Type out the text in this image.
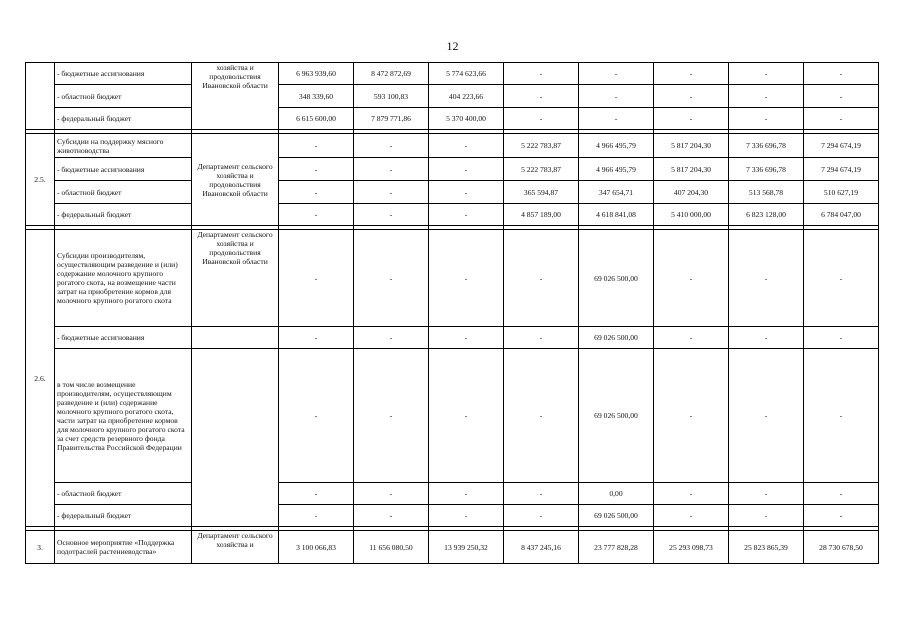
12
	- бюджетные ассигнования	хозяйства и продовольствия Ивановской области	6 963 939,60	8 472 872,69	5 774 623,66	-	-	-	-	-
	- областной бюджет		348 339,60	593 100,83	404 223,66	-	-	-	-	-
	- федеральный бюджет		6 615 600,00	7 879 771,86	5 370 400,00	-	-	-	-	-

2.5.	Субсидии на поддержку мясного животноводства	Департамент сельского хозяйства и продовольствия Ивановской области	-	-	-	5 222 783,87	4 966 495,79	5 817 204,30	7 336 696,78	7 294 674,19
	- бюджетные ассигнования		-	-	-	5 222 783,87	4 966 495,79	5 817 204,30	7 336 696,78	7 294 674,19
	- областной бюджет		-	-	-	365 594,87	347 654,71	407 204,30	513 568,78	510 627,19
	- федеральный бюджет		-	-	-	4 857 189,00	4 618 841,08	5 410 000,00	6 823 128,00	6 784 047,00

2.6.	Субсидии производителям, осуществляющим разведение и (или) содержание молочного крупного рогатого скота, на возмещение части затрат на приобретение кормов для молочного крупного рогатого скота	Департамент сельского хозяйства и продовольствия Ивановской области	-	-	-	-	69 026 500,00	-	-	-
	- бюджетные ассигнования		-	-	-	-	69 026 500,00	-	-	-
	в том числе возмещение производителям, осуществляющим разведение и (или) содержание молочного крупного рогатого скота, части затрат на приобретение кормов для молочного крупного рогатого скота за счет средств резервного фонда Правительства Российской Федерации		-	-	-	-	69 026 500,00	-	-	-
	- областной бюджет		-	-	-	-	0,00	-	-	-
	- федеральный бюджет		-	-	-	-	69 026 500,00	-	-	-

3.	Основное мероприятие «Поддержка подотраслей растениеводства»	Департамент сельского хозяйства и	3 100 066,83	11 656 080,50	13 939 250,32	8 437 245,16	23 777 828,28	25 293 098,73	25 823 865,39	28 730 678,50
